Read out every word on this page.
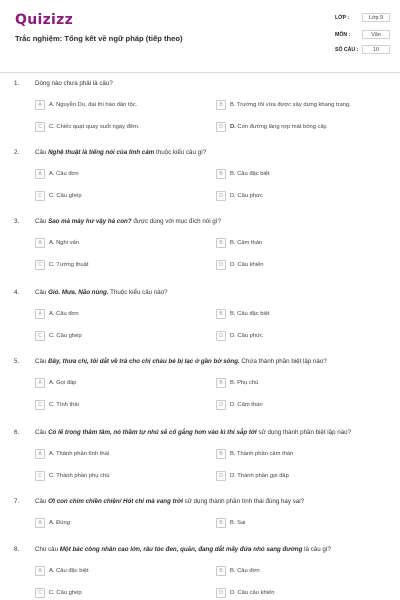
Quizizz
Trắc nghiệm: Tổng kết về ngữ pháp (tiếp theo)
LỚP :	Lớp 9
MÔN :	Văn
SỐ CÂU :	10
1.	Dòng nào chưa phải là câu?
A	A. Nguyễn Du, đại thi hào dân tộc.	B	B. Trường tôi vừa được xây dựng khang trang.
C	C. Chiếc quạt quay suốt ngày đêm.	D	D. Con đường làng rợp mát bóng cây.
2.	Câu Nghệ thuật là tiếng nói của tình cảm thuộc kiểu câu gì?
A	A. Câu đơn	B	B. Câu đặc biệt
C	C. Câu ghép	D	D. Câu phức
3.	Câu Sao mà mày hư vậy hả con? được dùng với mục đích nói gì?
A	A. Nghi vấn	B	B. Cảm thán
C	C. Tường thuật	D	D. Câu khiến
4.	Câu Gió. Mưa. Não nùng. Thuộc kiểu câu nào?
A	A. Câu đơn	B	B. Câu đặc biệt
C	C. Câu ghép	D	D. Câu phức
5.	Câu Đây, thưa chị, tôi dắt về trả cho chị cháu bé bị lạc ở gần bờ sông. Chứa thành phần biệt lập nào?
A	A. Gọi đáp	B	B. Phụ chú
C	C. Tình thái	D	D. Cảm thán
6.	Câu Có lẽ trong thâm tâm, nó thầm tự nhủ sẽ cố gắng hơn vào kì thi sắp tới sử dụng thành phần biệt lập nào?
A	A. Thành phần tình thái	B	B. Thành phần cảm thán
C	C. Thành phần phụ chú	D	D. Thành phần gọi đáp
7.	Câu Ơi con chim chiền chiện/ Hót chi mà vang trời sử dụng thành phần tình thái đúng hay sai?
A	A. Đúng	B	B. Sai
8.	Cho câu Một bác công nhân cao lớn, râu tóc đen, quăn, đang dắt mấy đứa nhỏ sang đường là câu gì?
A	A. Câu đặc biệt	B	B. Câu đơn
C	C. Câu ghép	D	D. Câu câu khiến
